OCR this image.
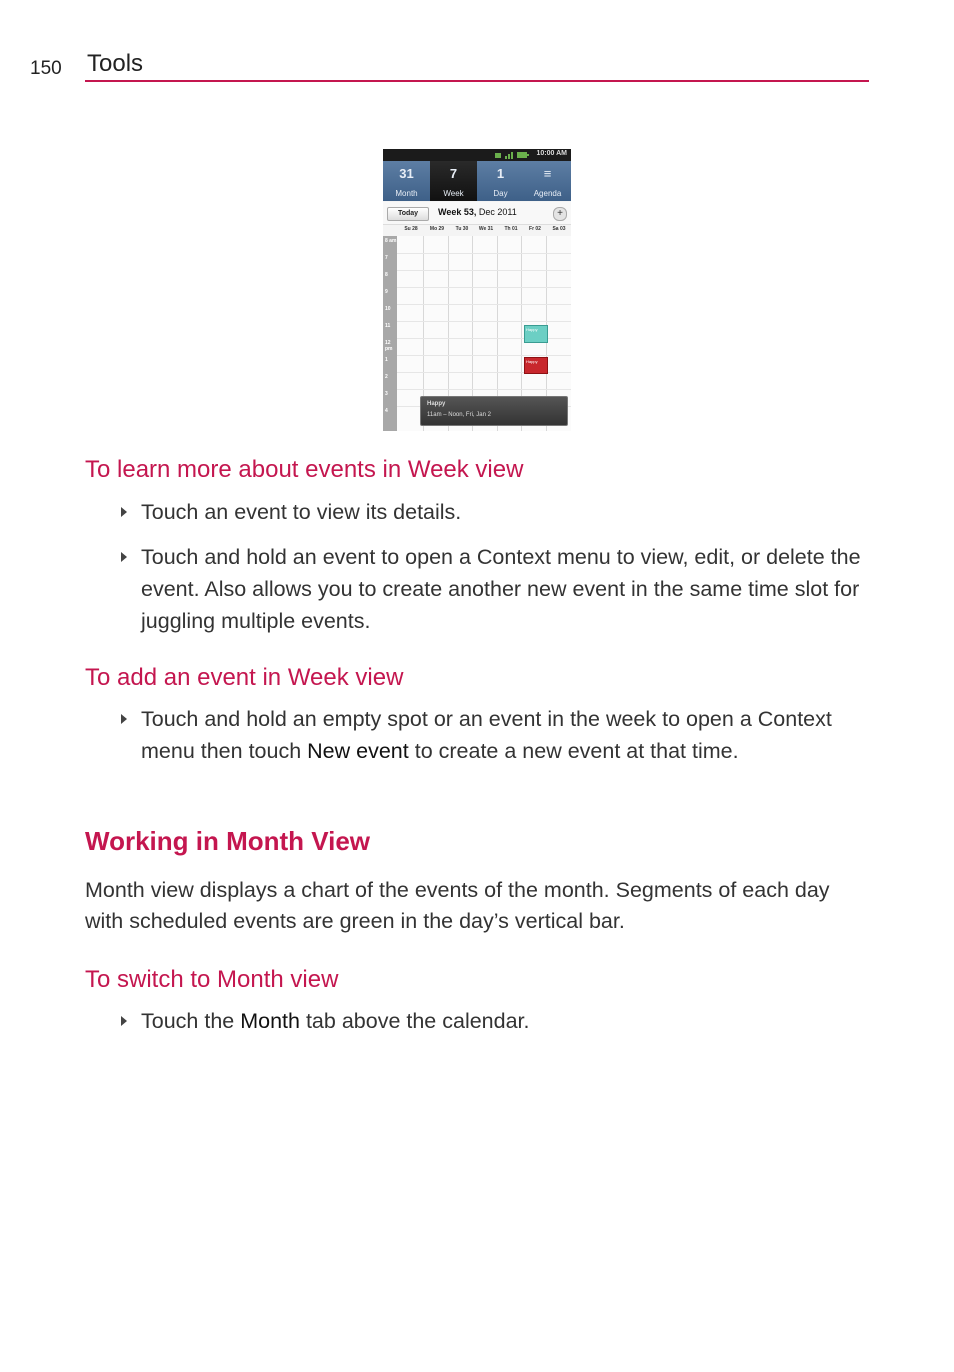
150 Tools
10:00 AM
31
Month
7
Week
1
Day
≡
Agenda
Today	Week 53, Dec 2011	+
Su 28	Mo 29	Tu 30	We 31	Th 01	Fr 02	Sa 03
8 am
7
8
9
10
11
12 pm
1
2
3
4
Happy
Happy
Happy
11am – Noon, Fri, Jan 2
To learn more about events in Week view
Touch an event to view its details.
Touch and hold an event to open a Context menu to view, edit, or delete the event. Also allows you to create another new event in the same time slot for juggling multiple events.
To add an event in Week view
Touch and hold an empty spot or an event in the week to open a Context menu then touch New event to create a new event at that time.
Working in Month View
Month view displays a chart of the events of the month. Segments of each day with scheduled events are green in the day’s vertical bar.
To switch to Month view
Touch the Month tab above the calendar.
